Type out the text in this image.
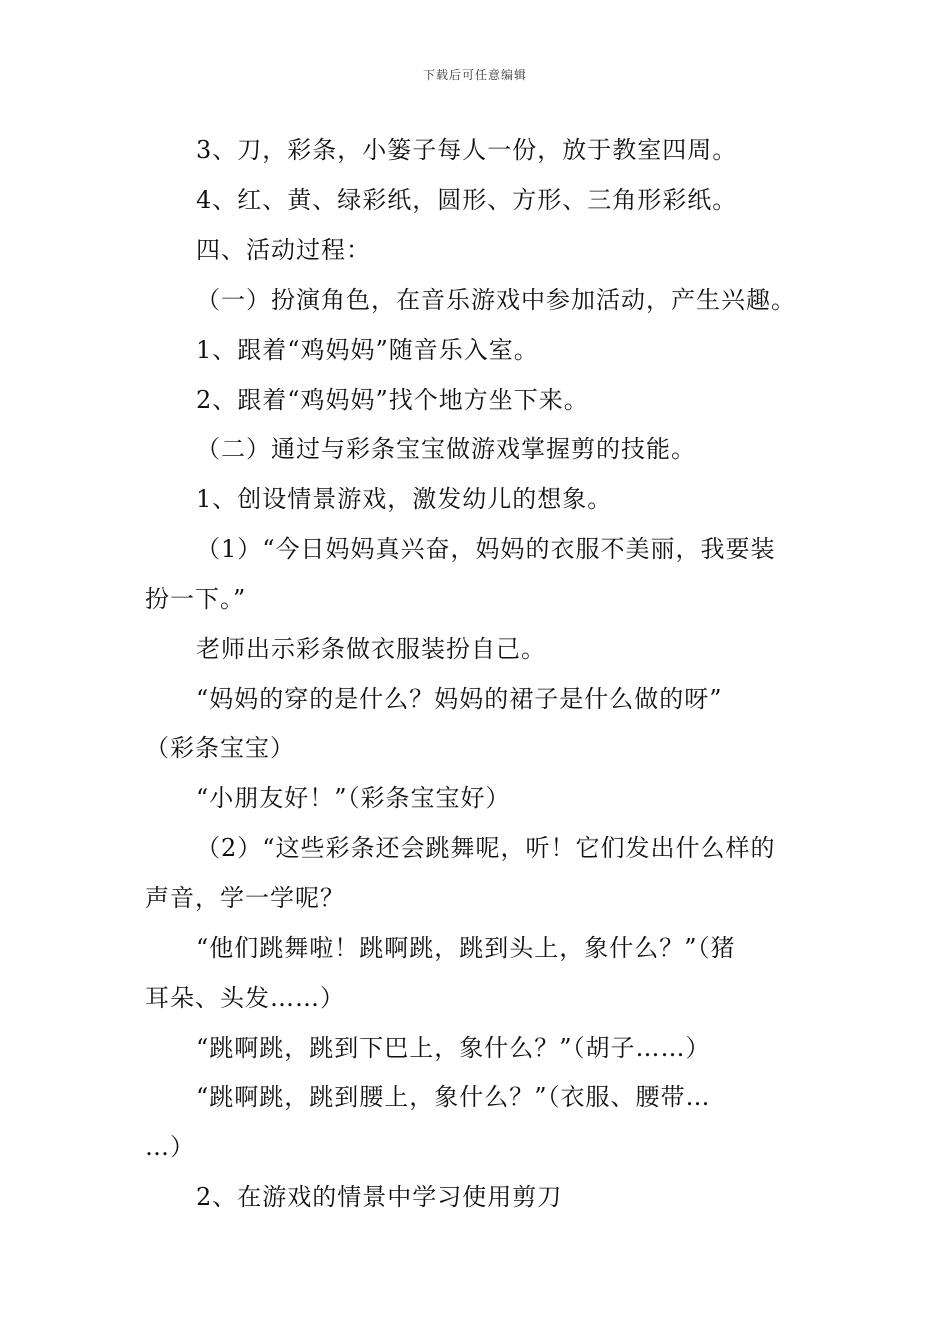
下载后可任意编辑
3、刀，彩条，小篓子每人一份，放于教室四周。
4、红、黄、绿彩纸，圆形、方形、三角形彩纸。
四、活动过程：
（一）扮演角色，在音乐游戏中参加活动，产生兴趣。
1、跟着“鸡妈妈”随音乐入室。
2、跟着“鸡妈妈”找个地方坐下来。
（二）通过与彩条宝宝做游戏掌握剪的技能。
1、创设情景游戏，激发幼儿的想象。
（1）“今日妈妈真兴奋，妈妈的衣服不美丽，我要装
扮一下。”
老师出示彩条做衣服装扮自己。
“妈妈的穿的是什么？妈妈的裙子是什么做的呀”
（彩条宝宝）
“小朋友好！”（彩条宝宝好）
（2）“这些彩条还会跳舞呢，听！它们发出什么样的
声音，学一学呢？
“他们跳舞啦！跳啊跳，跳到头上，象什么？”（猪
耳朵、头发……）
“跳啊跳，跳到下巴上，象什么？”（胡子……）
“跳啊跳，跳到腰上，象什么？”（衣服、腰带…
…）
2、在游戏的情景中学习使用剪刀
